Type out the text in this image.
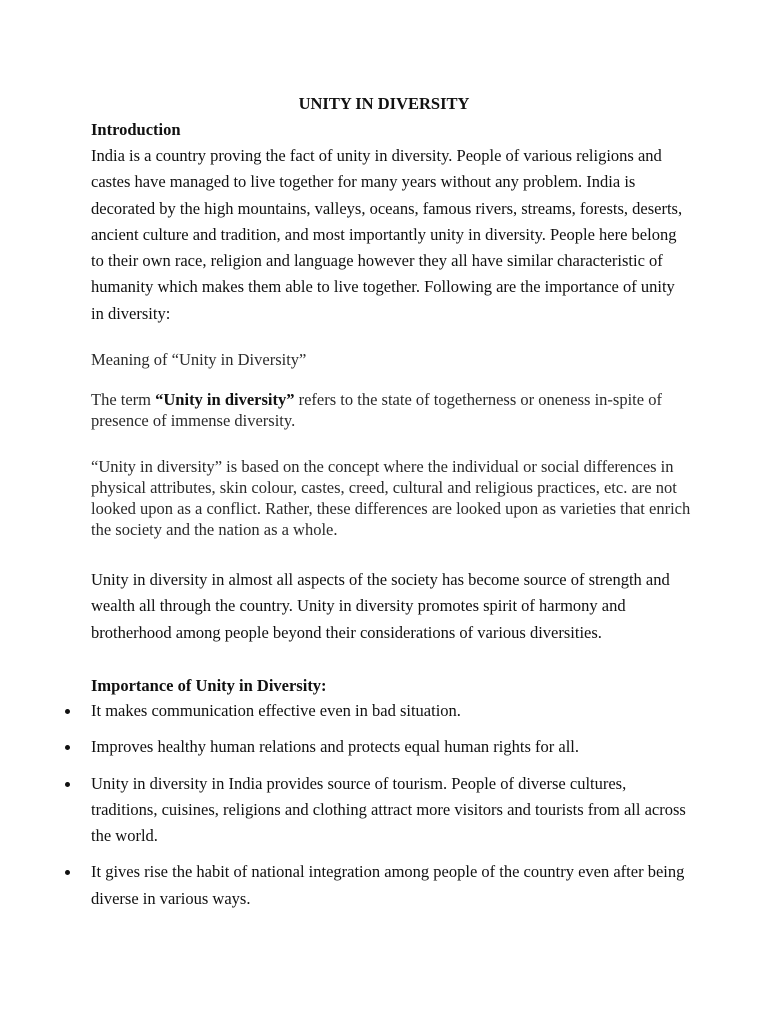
UNITY IN DIVERSITY
Introduction

India is a country proving the fact of unity in diversity. People of various religions and castes have managed to live together for many years without any problem. India is decorated by the high mountains, valleys, oceans, famous rivers, streams, forests, deserts, ancient culture and tradition, and most importantly unity in diversity. People here belong to their own race, religion and language however they all have similar characteristic of humanity which makes them able to live together. Following are the importance of unity in diversity:

Meaning of “Unity in Diversity”

The term “Unity in diversity” refers to the state of togetherness or oneness in-spite of presence of immense diversity.

“Unity in diversity” is based on the concept where the individual or social differences in physical attributes, skin colour, castes, creed, cultural and religious practices, etc. are not looked upon as a conflict. Rather, these differences are looked upon as varieties that enrich the society and the nation as a whole.

Unity in diversity in almost all aspects of the society has become source of strength and wealth all through the country. Unity in diversity promotes spirit of harmony and brotherhood among people beyond their considerations of various diversities.

Importance of Unity in Diversity:
It makes communication effective even in bad situation.
Improves healthy human relations and protects equal human rights for all.
Unity in diversity in India provides source of tourism. People of diverse cultures, traditions, cuisines, religions and clothing attract more visitors and tourists from all across the world.
It gives rise the habit of national integration among people of the country even after being diverse in various ways.
